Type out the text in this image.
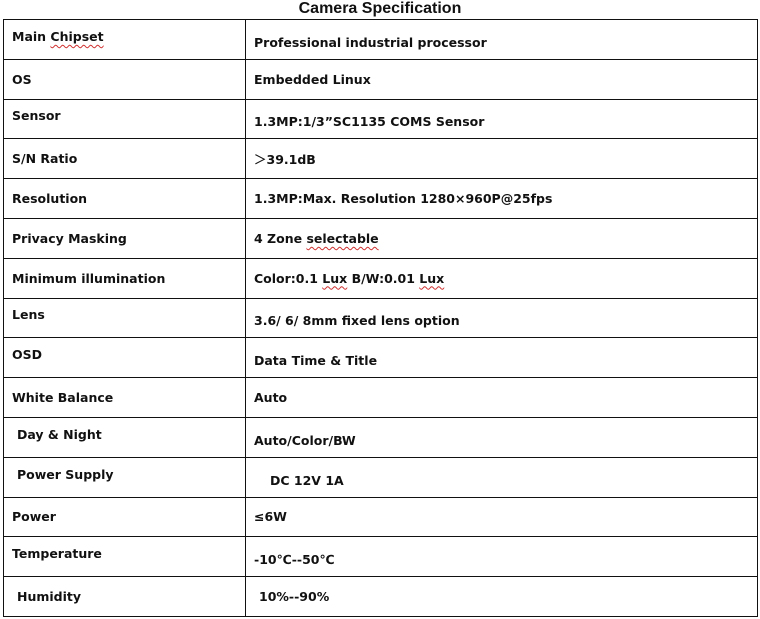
Camera Specification
Main Chipset	Professional industrial processor
OS	Embedded Linux
Sensor	1.3MP:1/3”SC1135 COMS Sensor
S/N Ratio	＞39.1dB
Resolution	1.3MP:Max. Resolution 1280×960P@25fps
Privacy Masking	4 Zone selectable
Minimum illumination	Color:0.1 Lux B/W:0.01 Lux
Lens	3.6/ 6/ 8mm fixed lens option
OSD	Data Time & Title
White Balance	Auto
Day & Night	Auto/Color/BW
Power Supply	DC 12V 1A
Power	≤6W
Temperature	-10℃--50℃
Humidity	10%--90%
